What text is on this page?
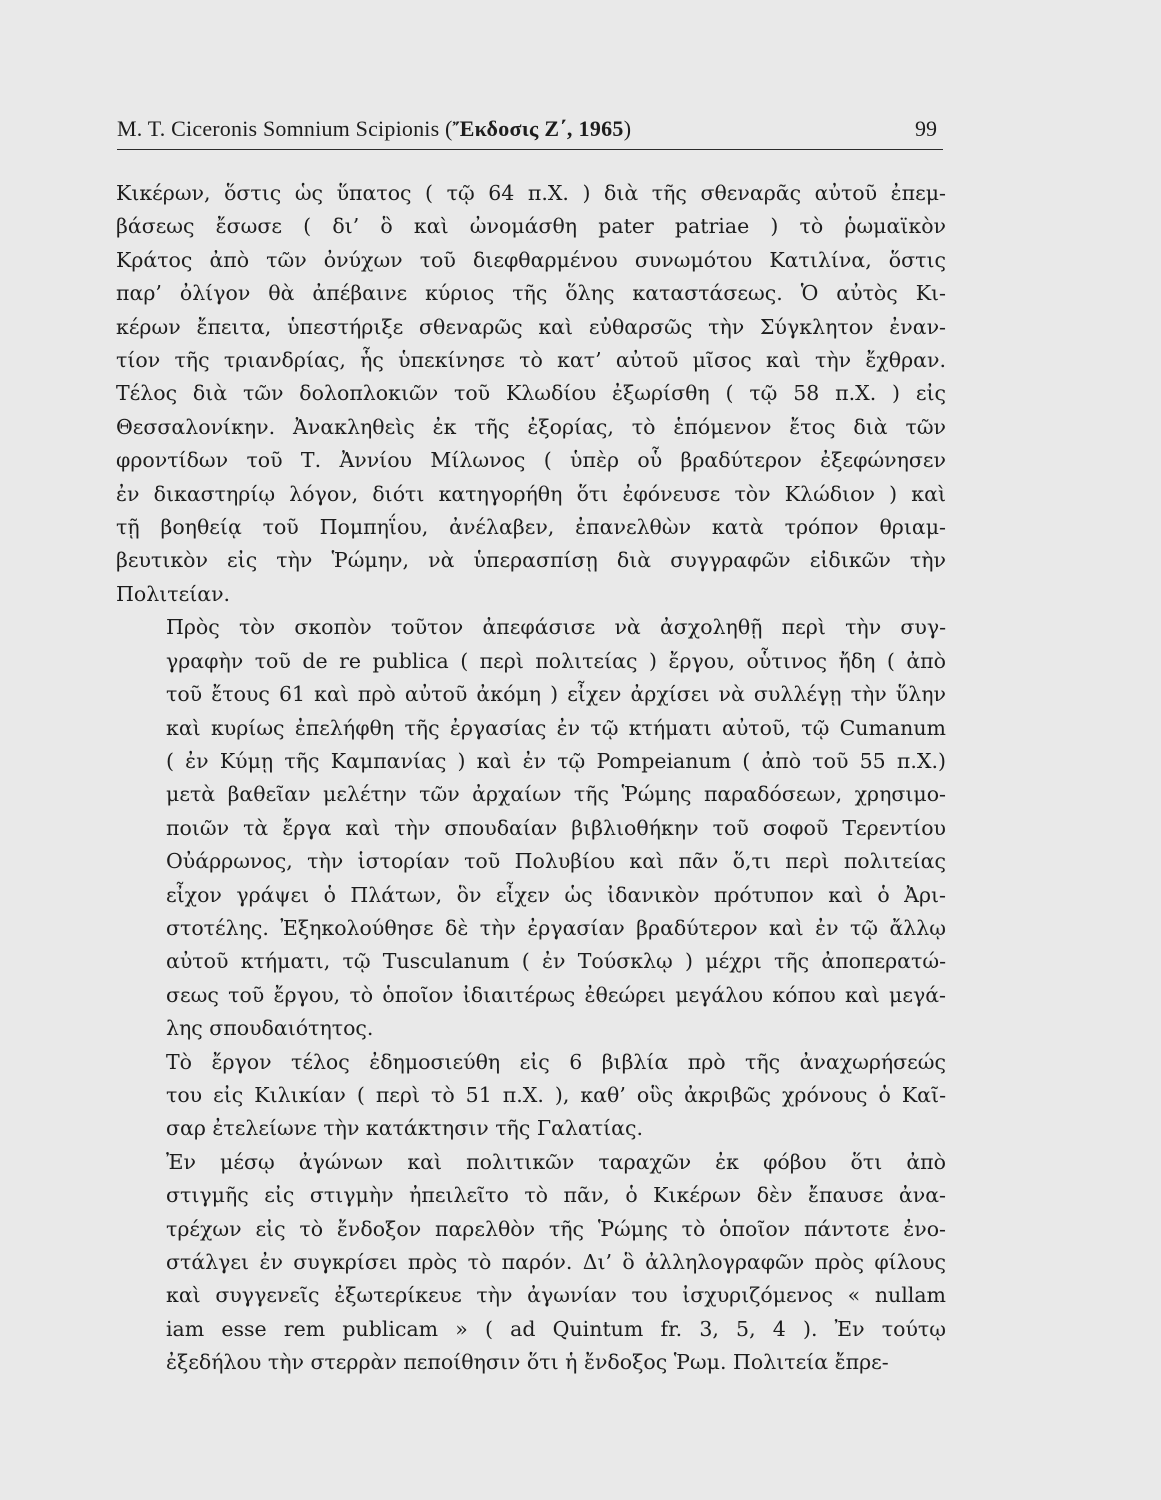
M. T. Ciceronis Somnium Scipionis (Ἔκδοσις Ζ΄, 1965)	99

Κικέρων, ὅστις ὡς ὕπατος ( τῷ 64 π.Χ. ) διὰ τῆς σθεναρᾶς αὐτοῦ ἐπεμ-
βάσεως ἔσωσε ( δι’ ὃ καὶ ὠνομάσθη pater patriae ) τὸ ῥωμαϊκὸν
Κράτος ἀπὸ τῶν ὀνύχων τοῦ διεφθαρμένου συνωμότου Κατιλίνα, ὅστις
παρ’ ὀλίγον θὰ ἀπέβαινε κύριος τῆς ὅλης καταστάσεως. Ὁ αὐτὸς Κι-
κέρων ἔπειτα, ὑπεστήριξε σθεναρῶς καὶ εὐθαρσῶς τὴν Σύγκλητον ἐναν-
τίον τῆς τριανδρίας, ἧς ὑπεκίνησε τὸ κατ’ αὐτοῦ μῖσος καὶ τὴν ἔχθραν.
Τέλος διὰ τῶν δολοπλοκιῶν τοῦ Κλωδίου ἐξωρίσθη ( τῷ 58 π.Χ. ) εἰς
Θεσσαλονίκην. Ἀνακληθεὶς ἐκ τῆς ἐξορίας, τὸ ἑπόμενον ἔτος διὰ τῶν
φροντίδων τοῦ Τ. Ἀννίου Μίλωνος ( ὑπὲρ οὗ βραδύτερον ἐξεφώνησεν
ἐν δικαστηρίῳ λόγον, διότι κατηγορήθη ὅτι ἐφόνευσε τὸν Κλώδιον ) καὶ
τῇ βοηθείᾳ τοῦ Πομπηΐου, ἀνέλαβεν, ἐπανελθὼν κατὰ τρόπον θριαμ-
βευτικὸν εἰς τὴν Ῥώμην, νὰ ὑπερασπίσῃ διὰ συγγραφῶν εἰδικῶν τὴν
Πολιτείαν.

Πρὸς τὸν σκοπὸν τοῦτον ἀπεφάσισε νὰ ἀσχοληθῇ περὶ τὴν συγ-
γραφὴν τοῦ de re publica ( περὶ πολιτείας ) ἔργου, οὗτινος ἤδη ( ἀπὸ
τοῦ ἔτους 61 καὶ πρὸ αὐτοῦ ἀκόμη ) εἶχεν ἀρχίσει νὰ συλλέγῃ τὴν ὕλην
καὶ κυρίως ἐπελήφθη τῆς ἐργασίας ἐν τῷ κτήματι αὐτοῦ, τῷ Cumanum
( ἐν Κύμῃ τῆς Καμπανίας ) καὶ ἐν τῷ Pompeianum ( ἀπὸ τοῦ 55 π.Χ.)
μετὰ βαθεῖαν μελέτην τῶν ἀρχαίων τῆς Ῥώμης παραδόσεων, χρησιμο-
ποιῶν τὰ ἔργα καὶ τὴν σπουδαίαν βιβλιοθήκην τοῦ σοφοῦ Τερεντίου
Οὐάρρωνος, τὴν ἱστορίαν τοῦ Πολυβίου καὶ πᾶν ὅ,τι περὶ πολιτείας
εἶχον γράψει ὁ Πλάτων, ὃν εἶχεν ὡς ἰδανικὸν πρότυπον καὶ ὁ Ἀρι-
στοτέλης. Ἐξηκολούθησε δὲ τὴν ἐργασίαν βραδύτερον καὶ ἐν τῷ ἄλλῳ
αὐτοῦ κτήματι, τῷ Tusculanum ( ἐν Τούσκλῳ ) μέχρι τῆς ἀποπερατώ-
σεως τοῦ ἔργου, τὸ ὁποῖον ἰδιαιτέρως ἐθεώρει μεγάλου κόπου καὶ μεγά-
λης σπουδαιότητος.

Τὸ ἔργον τέλος ἐδημοσιεύθη εἰς 6 βιβλία πρὸ τῆς ἀναχωρήσεώς
του εἰς Κιλικίαν ( περὶ τὸ 51 π.Χ. ), καθ’ οὓς ἀκριβῶς χρόνους ὁ Καῖ-
σαρ ἐτελείωνε τὴν κατάκτησιν τῆς Γαλατίας.

Ἐν μέσῳ ἀγώνων καὶ πολιτικῶν ταραχῶν ἐκ φόβου ὅτι ἀπὸ
στιγμῆς εἰς στιγμὴν ἠπειλεῖτο τὸ πᾶν, ὁ Κικέρων δὲν ἔπαυσε ἀνα-
τρέχων εἰς τὸ ἔνδοξον παρελθὸν τῆς Ῥώμης τὸ ὁποῖον πάντοτε ἐνο-
στάλγει ἐν συγκρίσει πρὸς τὸ παρόν. Δι’ ὃ ἀλληλογραφῶν πρὸς φίλους
καὶ συγγενεῖς ἐξωτερίκευε τὴν ἀγωνίαν του ἰσχυριζόμενος « nullam
iam esse rem publicam » ( ad Quintum fr. 3, 5, 4 ). Ἐν τούτῳ
ἐξεδήλου τὴν στερρὰν πεποίθησιν ὅτι ἡ ἔνδοξος Ῥωμ. Πολιτεία ἔπρε-
